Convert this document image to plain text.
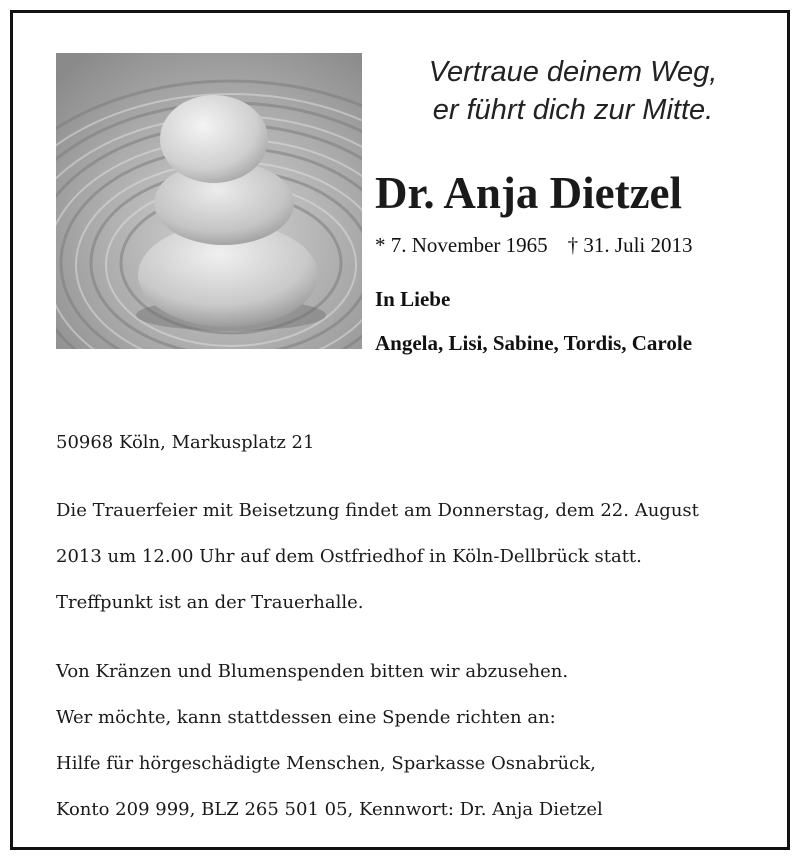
Vertraue deinem Weg,
er führt dich zur Mitte.
Dr. Anja Dietzel
* 7. November 1965 † 31. Juli 2013
In Liebe
Angela, Lisi, Sabine, Tordis, Carole
50968 Köln, Markusplatz 21
Die Trauerfeier mit Beisetzung findet am Donnerstag, dem 22. August
2013 um 12.00 Uhr auf dem Ostfriedhof in Köln-Dellbrück statt.
Treffpunkt ist an der Trauerhalle.
Von Kränzen und Blumenspenden bitten wir abzusehen.
Wer möchte, kann stattdessen eine Spende richten an:
Hilfe für hörgeschädigte Menschen, Sparkasse Osnabrück,
Konto 209 999, BLZ 265 501 05, Kennwort: Dr. Anja Dietzel
